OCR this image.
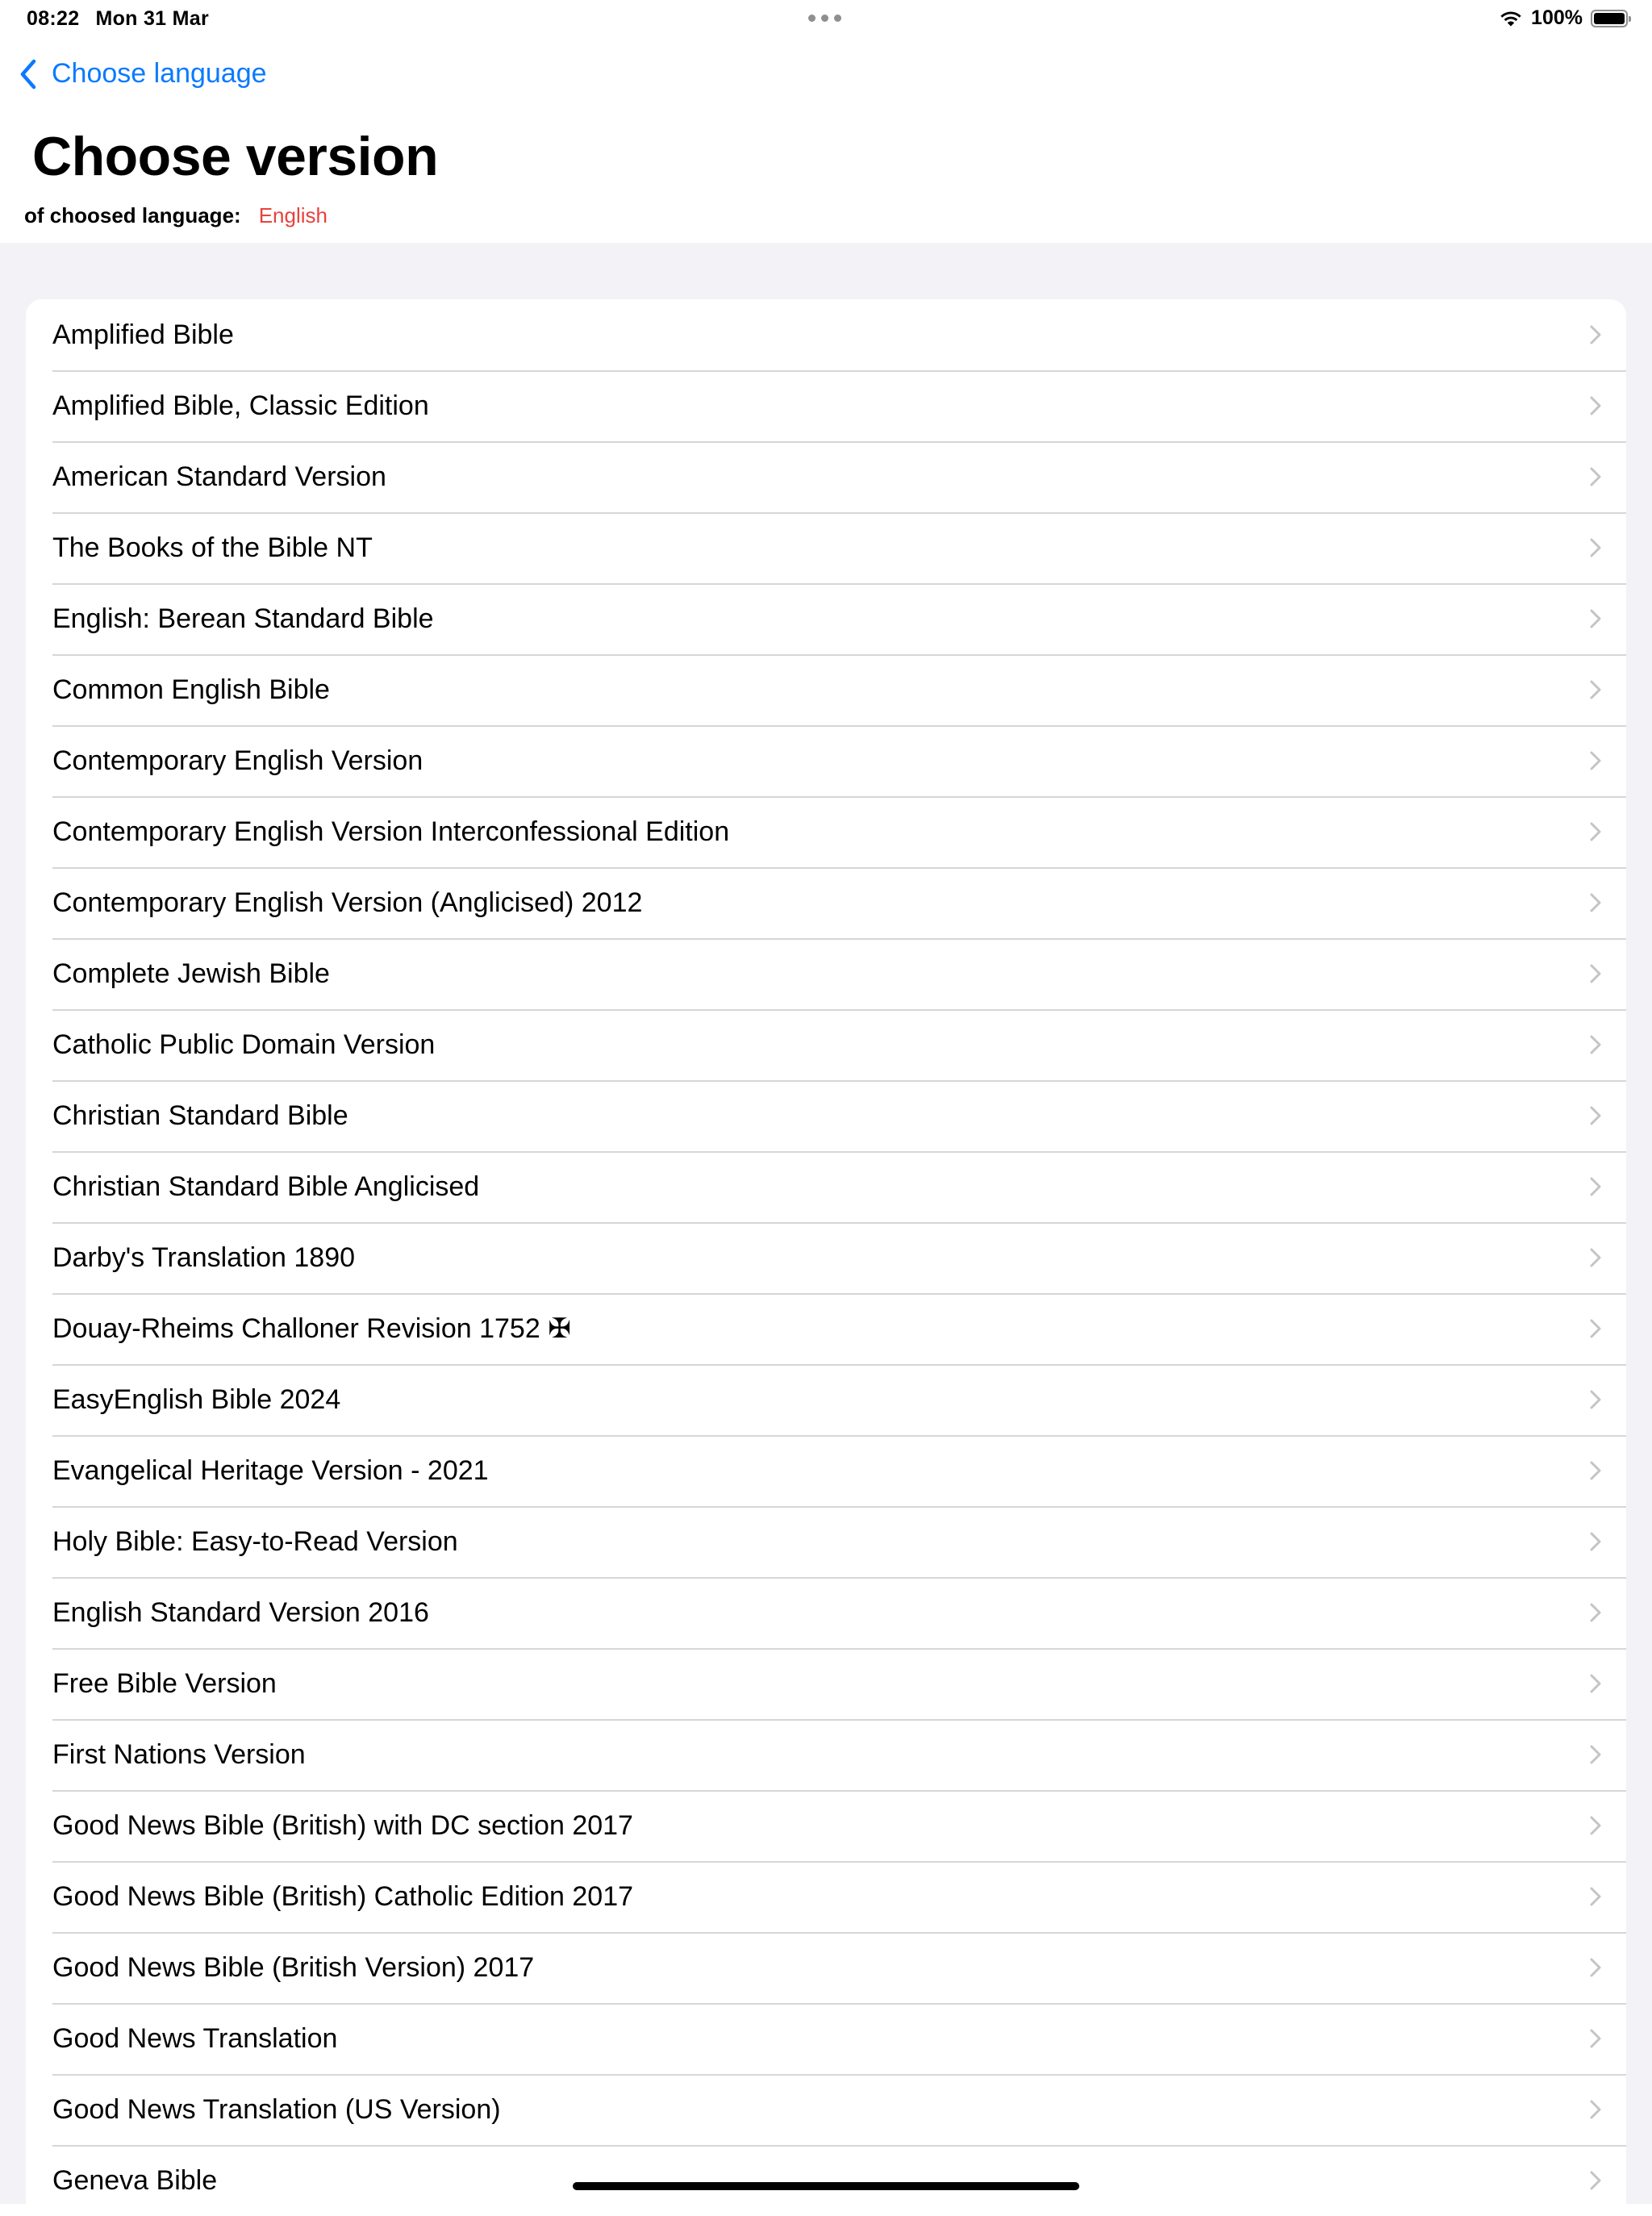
08:22 Mon 31 Mar	100%
Choose language
Choose version
of choosed language: English
Amplified Bible
Amplified Bible, Classic Edition
American Standard Version
The Books of the Bible NT
English: Berean Standard Bible
Common English Bible
Contemporary English Version
Contemporary English Version Interconfessional Edition
Contemporary English Version (Anglicised) 2012
Complete Jewish Bible
Catholic Public Domain Version
Christian Standard Bible
Christian Standard Bible Anglicised
Darby's Translation 1890
Douay-Rheims Challoner Revision 1752 ✠
EasyEnglish Bible 2024
Evangelical Heritage Version - 2021
Holy Bible: Easy-to-Read Version
English Standard Version 2016
Free Bible Version
First Nations Version
Good News Bible (British) with DC section 2017
Good News Bible (British) Catholic Edition 2017
Good News Bible (British Version) 2017
Good News Translation
Good News Translation (US Version)
Geneva Bible
